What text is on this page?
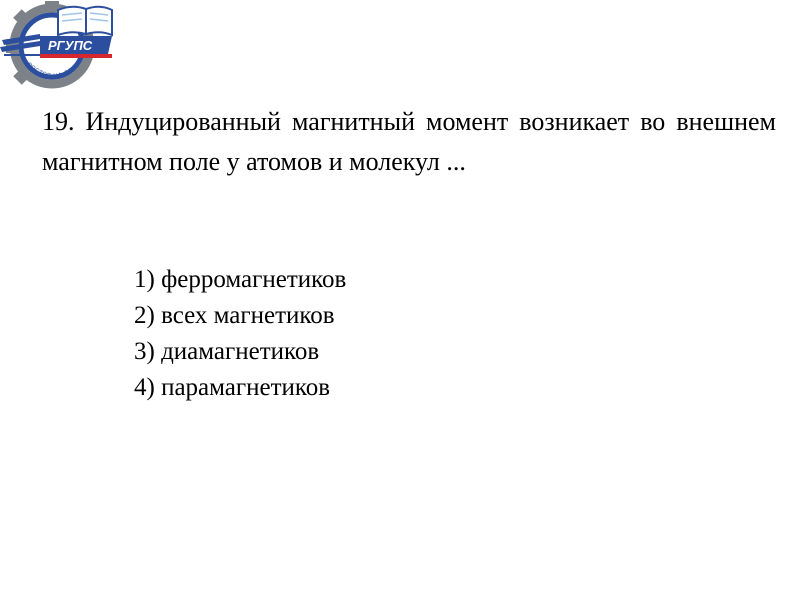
РГУПС
РОСТОВ-НА-ДОНУ

19. Индуцированный магнитный момент возникает во внешнем магнитном поле у атомов и молекул ...

1) ферромагнетиков
2) всех магнетиков
3) диамагнетиков
4) парамагнетиков
